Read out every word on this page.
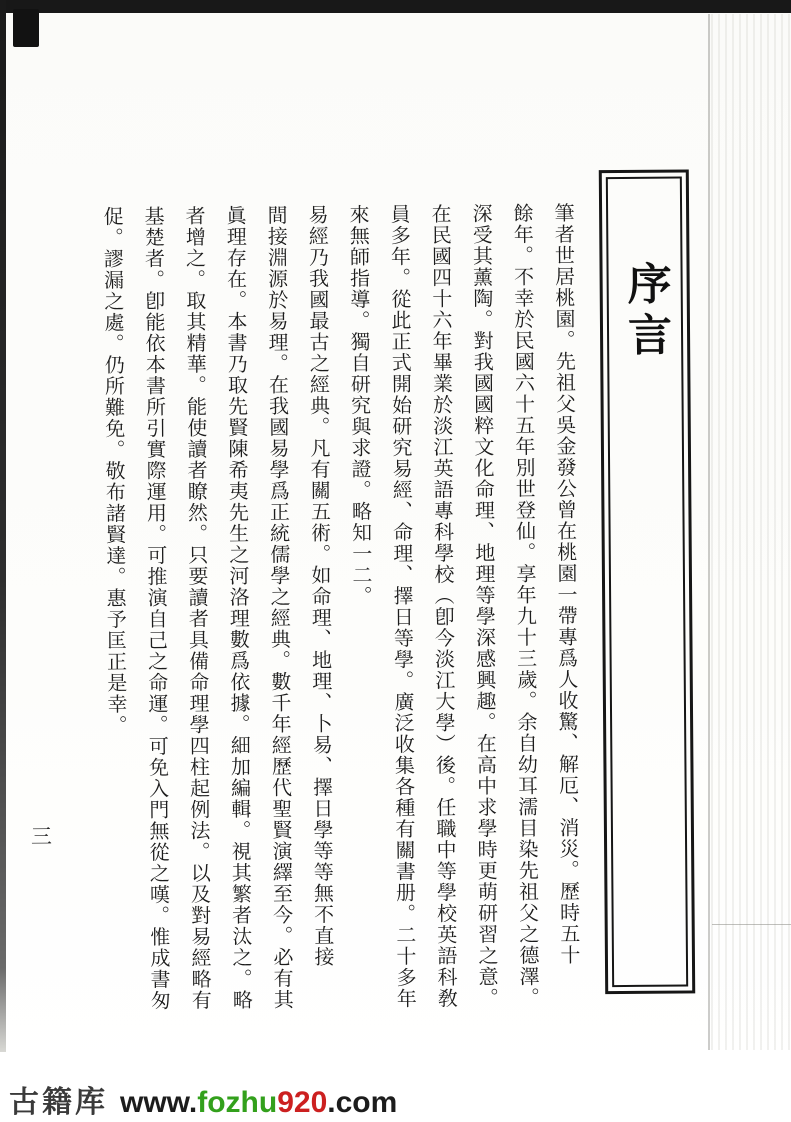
序言
筆者世居桃園。先祖父吳金發公曾在桃園一帶專爲人收驚、解厄、消災。歷時五十
餘年。不幸於民國六十五年別世登仙。享年九十三歲。余自幼耳濡目染先祖父之德澤。
深受其薰陶。對我國國粹文化命理、地理等學深感興趣。在高中求學時更萌研習之意。
在民國四十六年畢業於淡江英語專科學校（卽今淡江大學）後。任職中等學校英語科敎
員多年。從此正式開始研究易經、命理、擇日等學。廣泛收集各種有關書册。二十多年
來無師指導。獨自研究與求證。略知一二。
易經乃我國最古之經典。凡有關五術。如命理、地理、卜易、擇日學等等無不直接
間接淵源於易理。在我國易學爲正統儒學之經典。數千年經歷代聖賢演繹至今。必有其
眞理存在。本書乃取先賢陳希夷先生之河洛理數爲依據。細加編輯。視其繁者汰之。略
者增之。取其精華。能使讀者瞭然。只要讀者具備命理學四柱起例法。以及對易經略有
基楚者。卽能依本書所引實際運用。可推演自己之命運。可免入門無從之嘆。惟成書匆
促。謬漏之處。仍所難免。敬布諸賢達。惠予匡正是幸。
三
古籍库 www.fozhu920.com
